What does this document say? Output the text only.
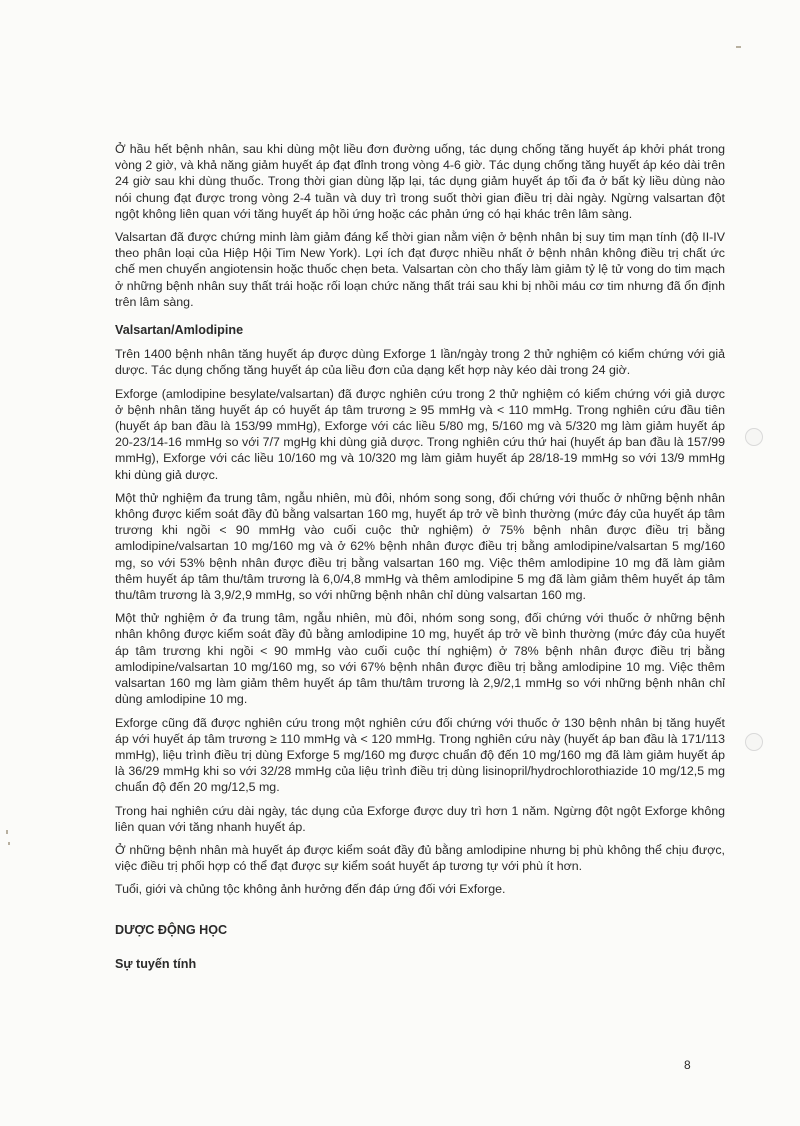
Ở hầu hết bệnh nhân, sau khi dùng một liều đơn đường uống, tác dụng chống tăng huyết áp khởi phát trong vòng 2 giờ, và khả năng giảm huyết áp đạt đỉnh trong vòng 4-6 giờ. Tác dụng chống tăng huyết áp kéo dài trên 24 giờ sau khi dùng thuốc. Trong thời gian dùng lặp lại, tác dụng giảm huyết áp tối đa ở bất kỳ liều dùng nào nói chung đạt được trong vòng 2-4 tuần và duy trì trong suốt thời gian điều trị dài ngày. Ngừng valsartan đột ngột không liên quan với tăng huyết áp hồi ứng hoặc các phản ứng có hại khác trên lâm sàng.

Valsartan đã được chứng minh làm giảm đáng kể thời gian nằm viện ở bệnh nhân bị suy tim mạn tính (độ II-IV theo phân loại của Hiệp Hội Tim New York). Lợi ích đạt được nhiều nhất ở bệnh nhân không điều trị chất ức chế men chuyển angiotensin hoặc thuốc chẹn beta. Valsartan còn cho thấy làm giảm tỷ lệ tử vong do tim mạch ở những bệnh nhân suy thất trái hoặc rối loạn chức năng thất trái sau khi bị nhồi máu cơ tim nhưng đã ổn định trên lâm sàng.

Valsartan/Amlodipine

Trên 1400 bệnh nhân tăng huyết áp được dùng Exforge 1 lần/ngày trong 2 thử nghiệm có kiểm chứng với giả dược. Tác dụng chống tăng huyết áp của liều đơn của dạng kết hợp này kéo dài trong 24 giờ.

Exforge (amlodipine besylate/valsartan) đã được nghiên cứu trong 2 thử nghiệm có kiểm chứng với giả dược ở bệnh nhân tăng huyết áp có huyết áp tâm trương ≥ 95 mmHg và < 110 mmHg. Trong nghiên cứu đầu tiên (huyết áp ban đầu là 153/99 mmHg), Exforge với các liều 5/80 mg, 5/160 mg và 5/320 mg làm giảm huyết áp 20-23/14-16 mmHg so với 7/7 mgHg khi dùng giả dược. Trong nghiên cứu thứ hai (huyết áp ban đầu là 157/99 mmHg), Exforge với các liều 10/160 mg và 10/320 mg làm giảm huyết áp 28/18-19 mmHg so với 13/9 mmHg khi dùng giả dược.

Một thử nghiệm đa trung tâm, ngẫu nhiên, mù đôi, nhóm song song, đối chứng với thuốc ở những bệnh nhân không được kiểm soát đầy đủ bằng valsartan 160 mg, huyết áp trở về bình thường (mức đáy của huyết áp tâm trương khi ngồi < 90 mmHg vào cuối cuộc thử nghiệm) ở 75% bệnh nhân được điều trị bằng amlodipine/valsartan 10 mg/160 mg và ở 62% bệnh nhân được điều trị bằng amlodipine/valsartan 5 mg/160 mg, so với 53% bệnh nhân được điều trị bằng valsartan 160 mg. Việc thêm amlodipine 10 mg đã làm giảm thêm huyết áp tâm thu/tâm trương là 6,0/4,8 mmHg và thêm amlodipine 5 mg đã làm giảm thêm huyết áp tâm thu/tâm trương là 3,9/2,9 mmHg, so với những bệnh nhân chỉ dùng valsartan 160 mg.

Một thử nghiệm ở đa trung tâm, ngẫu nhiên, mù đôi, nhóm song song, đối chứng với thuốc ở những bệnh nhân không được kiểm soát đầy đủ bằng amlodipine 10 mg, huyết áp trở về bình thường (mức đáy của huyết áp tâm trương khi ngồi < 90 mmHg vào cuối cuộc thí nghiệm) ở 78% bệnh nhân được điều trị bằng amlodipine/valsartan 10 mg/160 mg, so với 67% bệnh nhân được điều trị bằng amlodipine 10 mg. Việc thêm valsartan 160 mg làm giảm thêm huyết áp tâm thu/tâm trương là 2,9/2,1 mmHg so với những bệnh nhân chỉ dùng amlodipine 10 mg.

Exforge cũng đã được nghiên cứu trong một nghiên cứu đối chứng với thuốc ở 130 bệnh nhân bị tăng huyết áp với huyết áp tâm trương ≥ 110 mmHg và < 120 mmHg. Trong nghiên cứu này (huyết áp ban đầu là 171/113 mmHg), liệu trình điều trị dùng Exforge 5 mg/160 mg được chuẩn độ đến 10 mg/160 mg đã làm giảm huyết áp là 36/29 mmHg khi so với 32/28 mmHg của liệu trình điều trị dùng lisinopril/hydrochlorothiazide 10 mg/12,5 mg chuẩn độ đến 20 mg/12,5 mg.

Trong hai nghiên cứu dài ngày, tác dụng của Exforge được duy trì hơn 1 năm. Ngừng đột ngột Exforge không liên quan với tăng nhanh huyết áp.

Ở những bệnh nhân mà huyết áp được kiểm soát đầy đủ bằng amlodipine nhưng bị phù không thể chịu được, việc điều trị phối hợp có thể đạt được sự kiểm soát huyết áp tương tự với phù ít hơn.

Tuổi, giới và chủng tộc không ảnh hưởng đến đáp ứng đối với Exforge.

DƯỢC ĐỘNG HỌC
Sự tuyến tính
8
